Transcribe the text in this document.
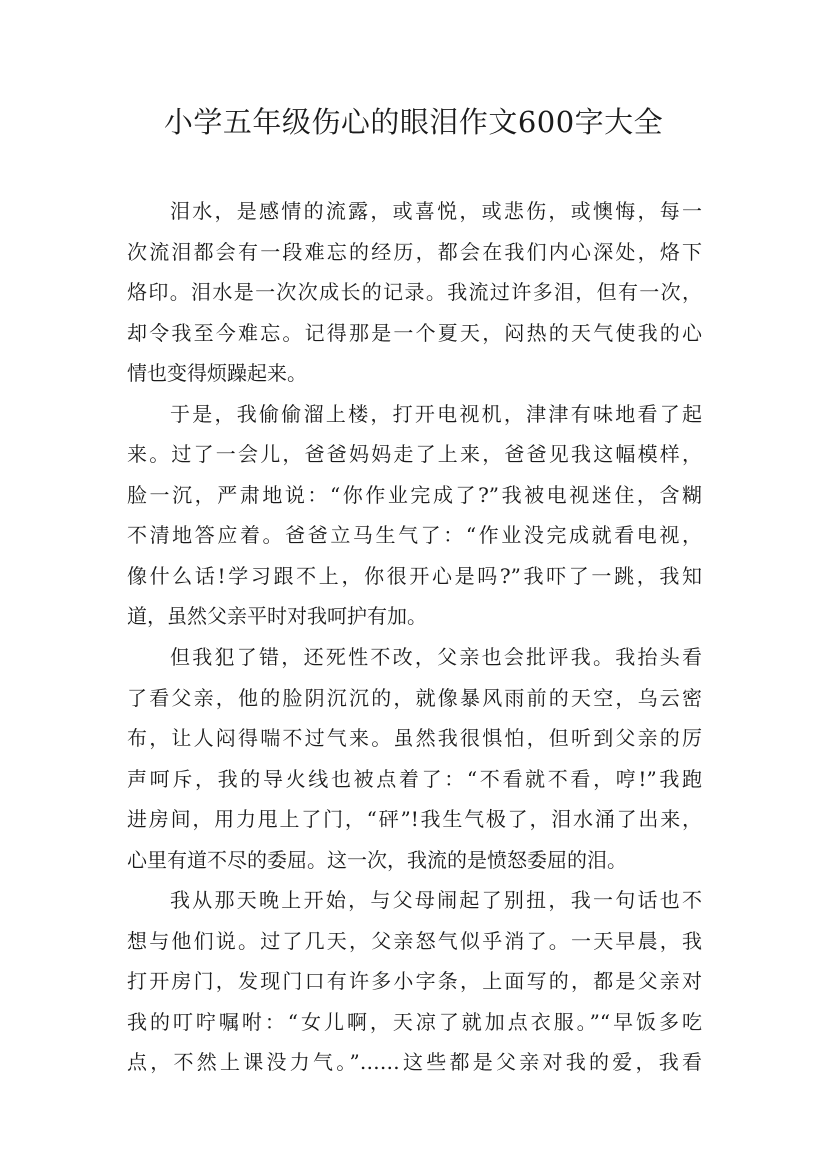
小学五年级伤心的眼泪作文600字大全
泪水，是感情的流露，或喜悦，或悲伤，或懊悔，每一
次流泪都会有一段难忘的经历，都会在我们内心深处，烙下
烙印。泪水是一次次成长的记录。我流过许多泪，但有一次，
却令我至今难忘。记得那是一个夏天，闷热的天气使我的心
情也变得烦躁起来。
于是，我偷偷溜上楼，打开电视机，津津有味地看了起
来。过了一会儿，爸爸妈妈走了上来，爸爸见我这幅模样，
脸一沉，严肃地说：“你作业完成了?”我被电视迷住，含糊
不清地答应着。爸爸立马生气了：“作业没完成就看电视，
像什么话!学习跟不上，你很开心是吗?”我吓了一跳，我知
道，虽然父亲平时对我呵护有加。
但我犯了错，还死性不改，父亲也会批评我。我抬头看
了看父亲，他的脸阴沉沉的，就像暴风雨前的天空，乌云密
布，让人闷得喘不过气来。虽然我很惧怕，但听到父亲的厉
声呵斥，我的导火线也被点着了：“不看就不看，哼!”我跑
进房间，用力甩上了门，“砰”!我生气极了，泪水涌了出来，
心里有道不尽的委屈。这一次，我流的是愤怒委屈的泪。
我从那天晚上开始，与父母闹起了别扭，我一句话也不
想与他们说。过了几天，父亲怒气似乎消了。一天早晨，我
打开房门，发现门口有许多小字条，上面写的，都是父亲对
我的叮咛嘱咐：“女儿啊，天凉了就加点衣服。”“早饭多吃
点，不然上课没力气。”……这些都是父亲对我的爱，我看
